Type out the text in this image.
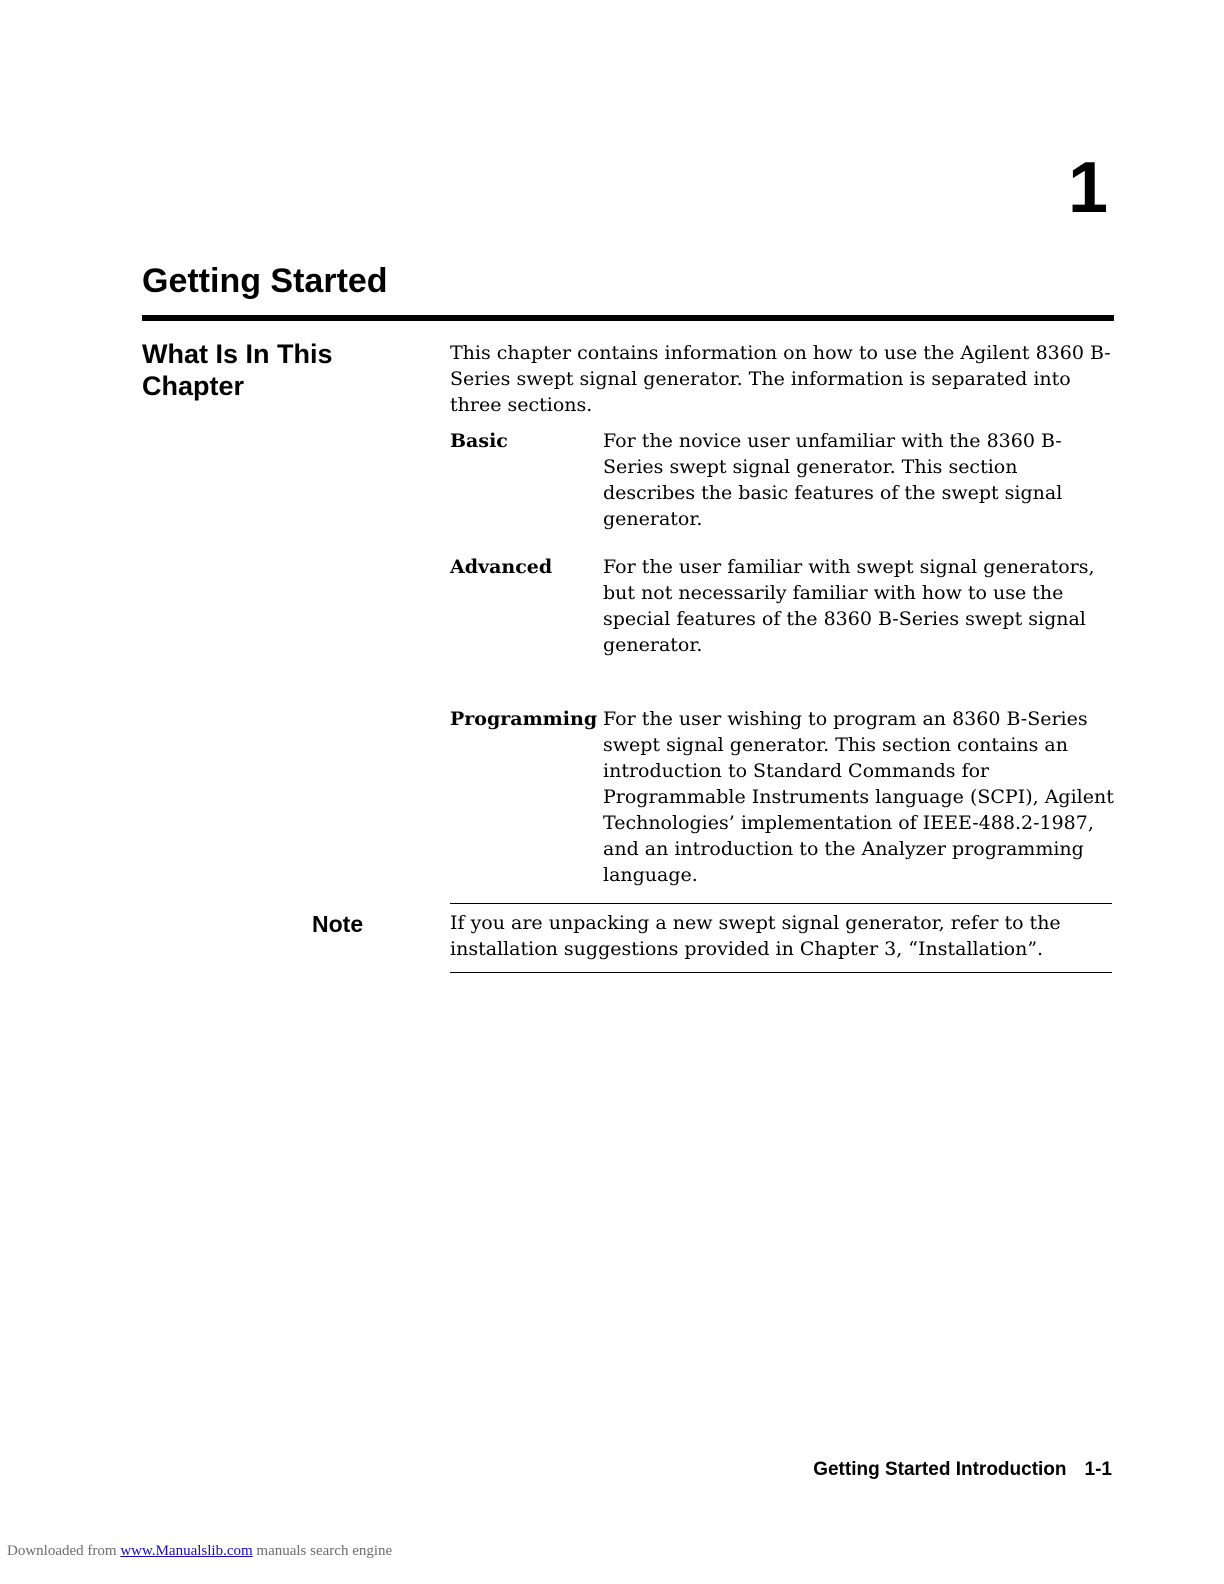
1
Getting Started
What Is In This Chapter

This chapter contains information on how to use the Agilent 8360 B-Series swept signal generator. The information is separated into three sections.

Basic	For the novice user unfamiliar with the 8360 B-Series swept signal generator. This section describes the basic features of the swept signal generator.

Advanced	For the user familiar with swept signal generators, but not necessarily familiar with how to use the special features of the 8360 B-Series swept signal generator.

Programming For the user wishing to program an 8360 B-Series swept signal generator. This section contains an introduction to Standard Commands for Programmable Instruments language (SCPI), Agilent Technologies’ implementation of IEEE-488.2-1987, and an introduction to the Analyzer programming language.

Note	If you are unpacking a new swept signal generator, refer to the installation suggestions provided in Chapter 3, “Installation”.

Getting Started Introduction 1-1
Downloaded from www.Manualslib.com manuals search engine
